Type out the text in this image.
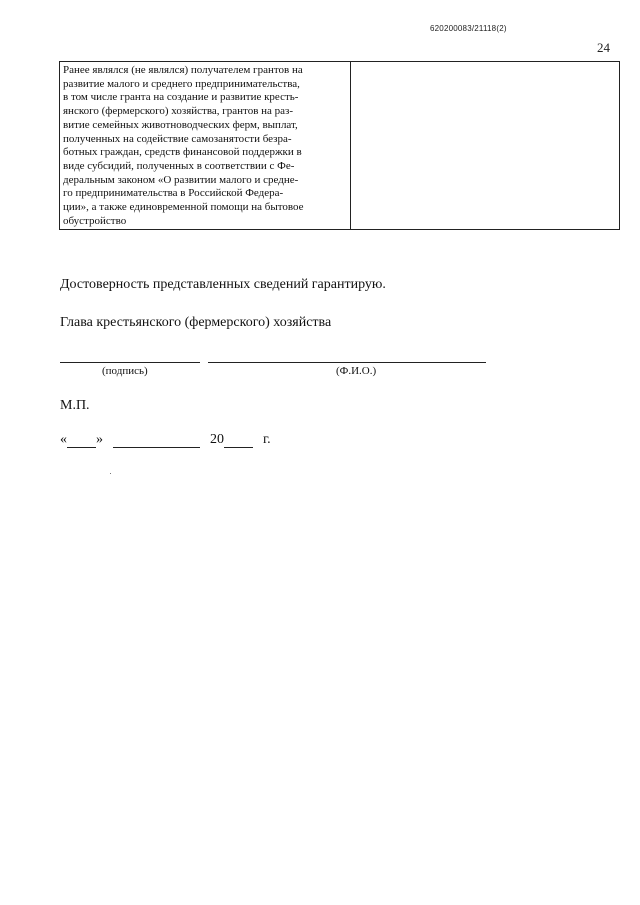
620200083/21118(2)
24
Ранее являлся (не являлся) получателем грантов на
развитие малого и среднего предпринимательства,
в том числе гранта на создание и развитие кресть-
янского (фермерского) хозяйства, грантов на раз-
витие семейных животноводческих ферм, выплат,
полученных на содействие самозанятости безра-
ботных граждан, средств финансовой поддержки в
виде субсидий, полученных в соответствии с Фе-
деральным законом «О развитии малого и средне-
го предпринимательства в Российской Федера-
ции», а также единовременной помощи на бытовое
обустройство

Достоверность представленных сведений гарантирую.
Глава крестьянского (фермерского) хозяйства
(подпись)	(Ф.И.О.)
М.П.
« »	20	г.
